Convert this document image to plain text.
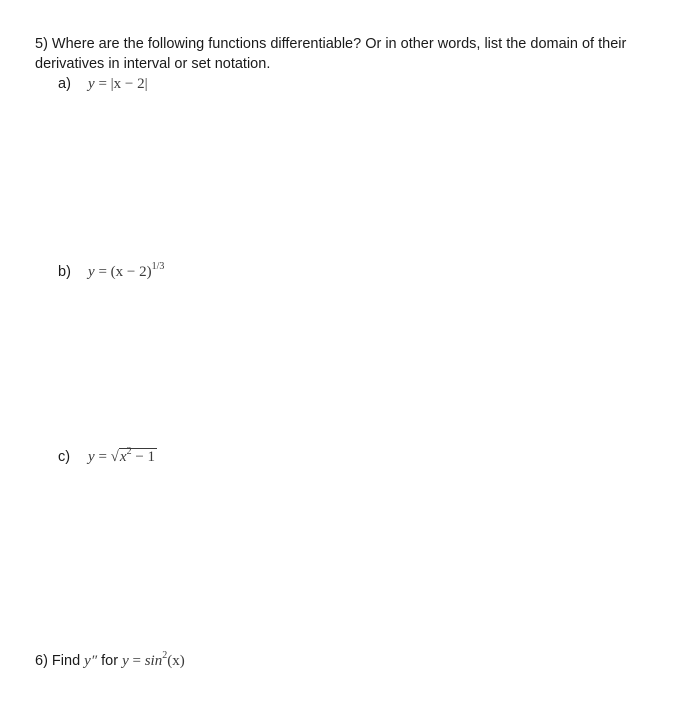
5) Where are the following functions differentiable? Or in other words, list the domain of their derivatives in interval or set notation.
a) y = |x − 2|
b) $y = (x - 2)^{1/3}$
c) $y = √x^2 - 1$
6) Find y″ for $y = \sin^2(x)$
